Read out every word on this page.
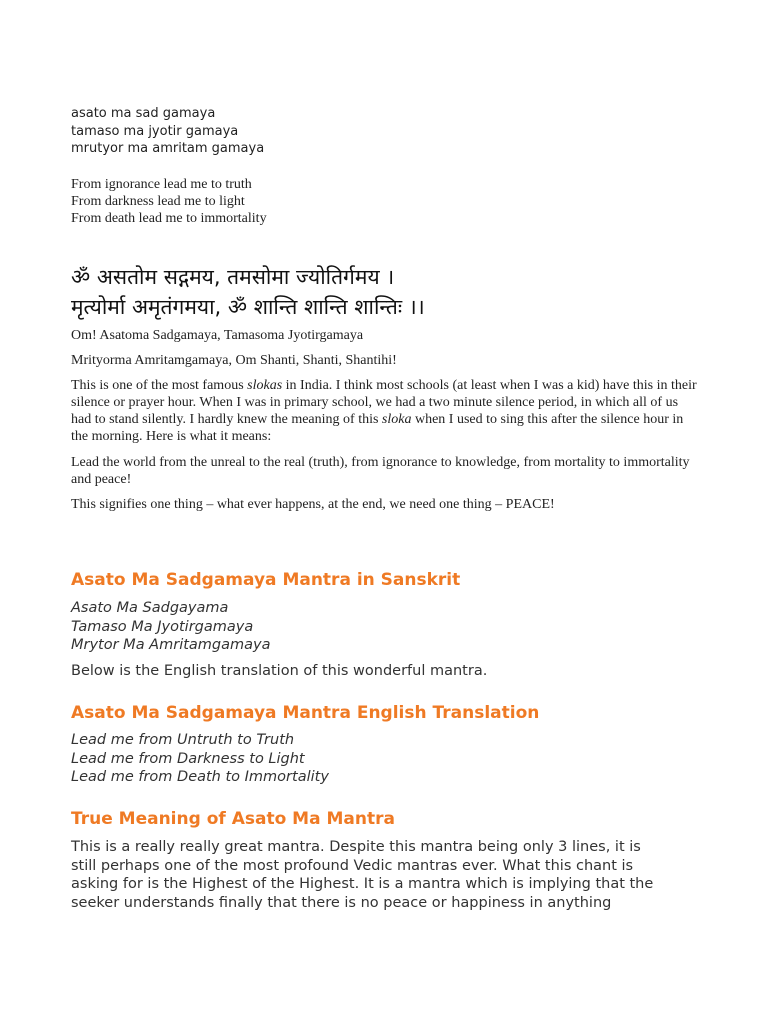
asato ma sad gamaya
tamaso ma jyotir gamaya
mrutyor ma amritam gamaya
From ignorance lead me to truth
From darkness lead me to light
From death lead me to immortality
ॐ असतोम सद्गमय, तमसोमा ज्योतिर्गमय ।
मृत्योर्मा अमृतंगमया, ॐ शान्ति शान्ति शान्तिः ।।
Om! Asatoma Sadgamaya, Tamasoma Jyotirgamaya
Mrityorma Amritamgamaya, Om Shanti, Shanti, Shantihi!
This is one of the most famous slokas in India. I think most schools (at least when I was a kid) have this in their silence or prayer hour. When I was in primary school, we had a two minute silence period, in which all of us had to stand silently. I hardly knew the meaning of this sloka when I used to sing this after the silence hour in the morning. Here is what it means:
Lead the world from the unreal to the real (truth), from ignorance to knowledge, from mortality to immortality and peace!
This signifies one thing – what ever happens, at the end, we need one thing – PEACE!
Asato Ma Sadgamaya Mantra in Sanskrit
Asato Ma Sadgayama
Tamaso Ma Jyotirgamaya
Mrytor Ma Amritamgamaya
Below is the English translation of this wonderful mantra.
Asato Ma Sadgamaya Mantra English Translation
Lead me from Untruth to Truth
Lead me from Darkness to Light
Lead me from Death to Immortality
True Meaning of Asato Ma Mantra
This is a really really great mantra. Despite this mantra being only 3 lines, it is
still perhaps one of the most profound Vedic mantras ever. What this chant is
asking for is the Highest of the Highest. It is a mantra which is implying that the
seeker understands finally that there is no peace or happiness in anything
